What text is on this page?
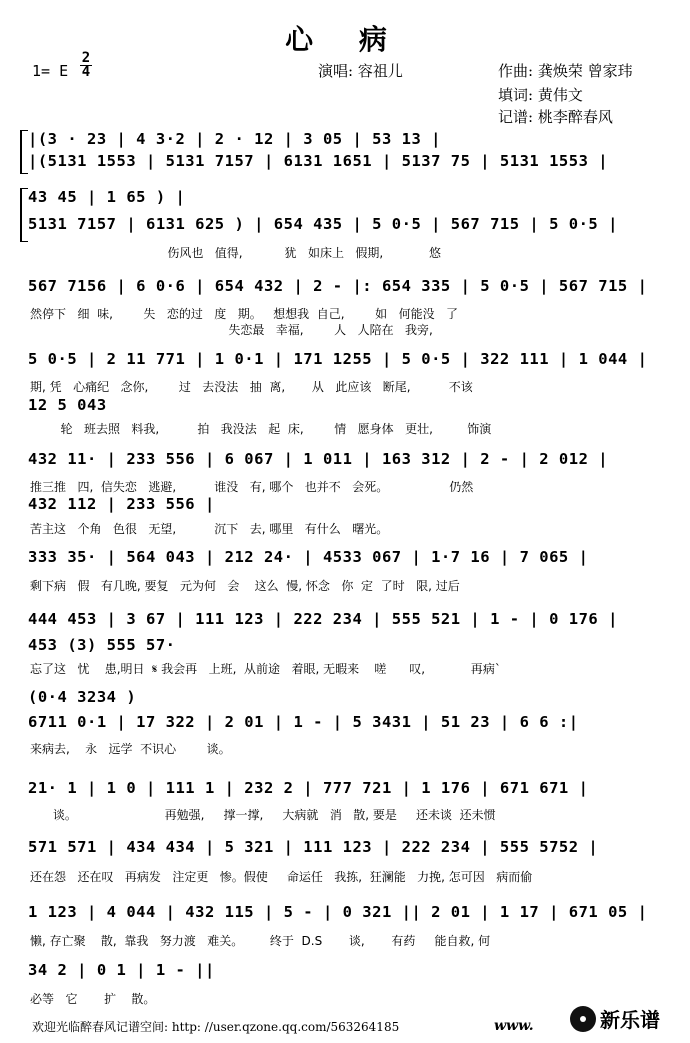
心 病
1= E
2
4	演唱: 容祖儿	作曲: 龚焕荣 曾家玮
填词: 黄伟文
记谱: 桃李醉春风
|(3 · 23 | 4 3·2 | 2 · 12 | 3 05 | 53 13 |
|(5131 1553 | 5131 7157 | 6131 1651 | 5137 75 | 5131 1553 |
43 45 | 1 65 ) |
5131 7157 | 6131 625 ) | 654 435 | 5 0·5 | 567 715 | 5 0·5 |
567 7156 | 6 0·6 | 654 432 | 2 - |: 654 335 | 5 0·5 | 567 715 |
5 0·5 | 2 11 771 | 1 0·1 | 171 1255 | 5 0·5 | 322 111 | 1 044 |
12 5 043
432 11· | 233 556 | 6 067 | 1 011 | 163 312 | 2 - | 2 012 |
432 112 | 233 556 |
333 35· | 564 043 | 212 24· | 4533 067 | 1·7 16 | 7 065 |
444 453 | 3 67 | 111 123 | 222 234 | 555 521 | 1 - | 0 176 |
453 (3) 555 57·
(0·4 3234 )
6711 0·1 | 17 322 | 2 01 | 1 - | 5 3431 | 51 23 | 6 6 :|
21· 1 | 1 0 | 111 1 | 232 2 | 777 721 | 1 176 | 671 671 |
571 571 | 434 434 | 5 321 | 111 123 | 222 234 | 555 5752 |
1 123 | 4 044 | 432 115 | 5 - | 0 321 || 2 01 | 1 17 | 671 05 |
34 2 | 0 1 | 1 - ||
伤风也   值得,           犹   如床上   假期,            悠
然停下   细  味,        失   恋的过   度   期。   想想我  自己,        如   何能没   了
失恋最   幸福,        人   人陪在   我旁,
期, 凭   心痛纪   念你,        过   去没法   抽  离,       从   此应该   断尾,          不该
轮   班去照   料我,          拍   我没法   起  床,        情   愿身体   更壮,         饰演
推三推   四,  信失恋   逃避,          谁没   有, 哪个   也并不   会死。                仍然
苦主这   个角   色很   无望,          沉下   去, 哪里   有什么   曙光。
剩下病   假   有几晚, 要复   元为何   会    这么  慢, 怀念   你  定  了时   限, 过后
忘了这   忧    患,明日  𝄋 我会再   上班,  从前途   着眼, 无暇来    嗟      叹,            再病`
来病去,    永   远学  不识心        谈。
谈。                       再勉强,     撑一撑,     大病就   消   散, 要是     还未谈  还未惯
还在怨   还在叹   再病发   注定更   惨。假使     命运任   我拣,  狂澜能   力挽, 怎可因   病而偷
懒, 存亡聚    散,  靠我   努力渡   难关。       终于  D.S       谈,       有药     能自救, 何
必等   它       扩    散。
欢迎光临醉春风记谱空间: http: //user.qzone.qq.com/563264185	www.	新乐谱
